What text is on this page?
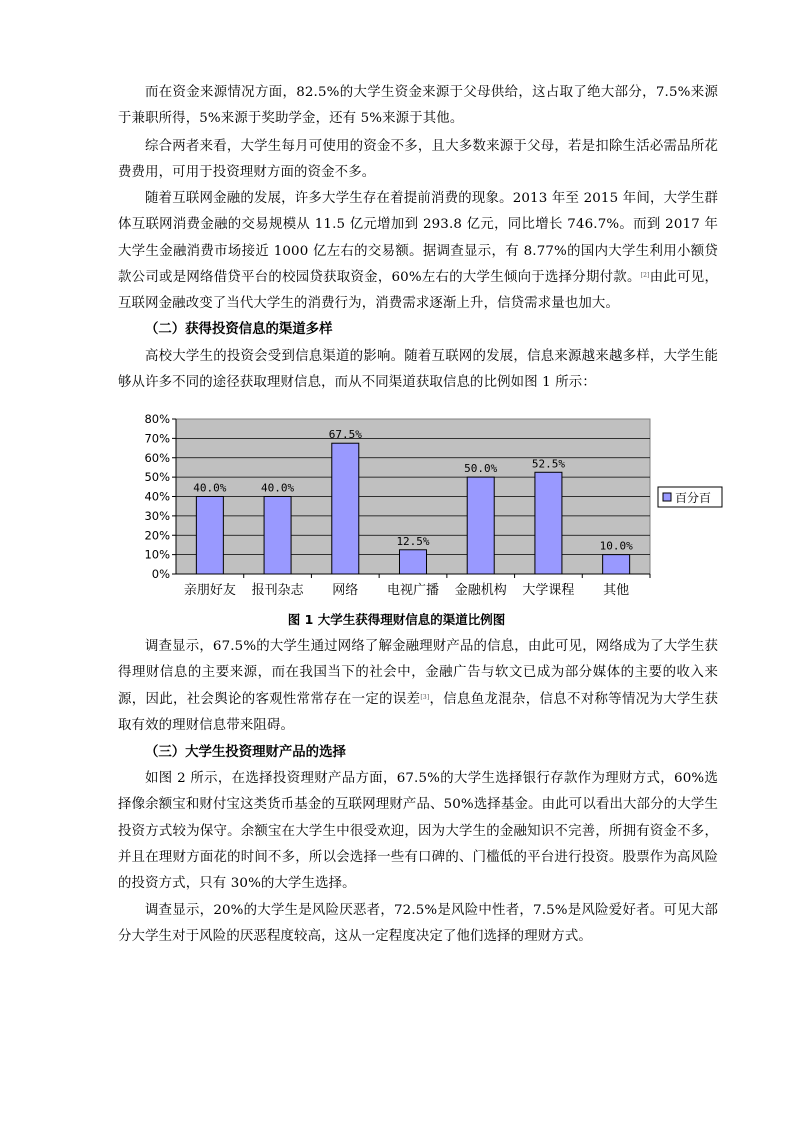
而在资金来源情况方面，82.5%的大学生资金来源于父母供给，这占取了绝大部分，7.5%来源于兼职所得，5%来源于奖助学金，还有 5%来源于其他。

综合两者来看，大学生每月可使用的资金不多，且大多数来源于父母，若是扣除生活必需品所花费费用，可用于投资理财方面的资金不多。

随着互联网金融的发展，许多大学生存在着提前消费的现象。2013 年至 2015 年间，大学生群体互联网消费金融的交易规模从 11.5 亿元增加到 293.8 亿元，同比增长 746.7%。而到 2017 年大学生金融消费市场接近 1000 亿左右的交易额。据调查显示，有 8.77%的国内大学生利用小额贷款公司或是网络借贷平台的校园贷获取资金，60%左右的大学生倾向于选择分期付款。[2]由此可见，互联网金融改变了当代大学生的消费行为，消费需求逐渐上升，信贷需求量也加大。

（二）获得投资信息的渠道多样

高校大学生的投资会受到信息渠道的影响。随着互联网的发展，信息来源越来越多样，大学生能够从许多不同的途径获取理财信息，而从不同渠道获取信息的比例如图 1 所示：

0%
10%
20%
30%
40%
50%
60%
70%
80%
40.0%
亲朋好友
40.0%
报刊杂志
67.5%
网络
12.5%
电视广播
50.0%
金融机构
52.5%
大学课程
10.0%
其他
百分百
图 1 大学生获得理财信息的渠道比例图

调查显示，67.5%的大学生通过网络了解金融理财产品的信息，由此可见，网络成为了大学生获得理财信息的主要来源，而在我国当下的社会中，金融广告与软文已成为部分媒体的主要的收入来源，因此，社会舆论的客观性常常存在一定的误差[3]，信息鱼龙混杂，信息不对称等情况为大学生获取有效的理财信息带来阻碍。

（三）大学生投资理财产品的选择

如图 2 所示，在选择投资理财产品方面，67.5%的大学生选择银行存款作为理财方式，60%选择像余额宝和财付宝这类货币基金的互联网理财产品、50%选择基金。由此可以看出大部分的大学生投资方式较为保守。余额宝在大学生中很受欢迎，因为大学生的金融知识不完善，所拥有资金不多，并且在理财方面花的时间不多，所以会选择一些有口碑的、门槛低的平台进行投资。股票作为高风险的投资方式，只有 30%的大学生选择。

调查显示，20%的大学生是风险厌恶者，72.5%是风险中性者，7.5%是风险爱好者。可见大部分大学生对于风险的厌恶程度较高，这从一定程度决定了他们选择的理财方式。
